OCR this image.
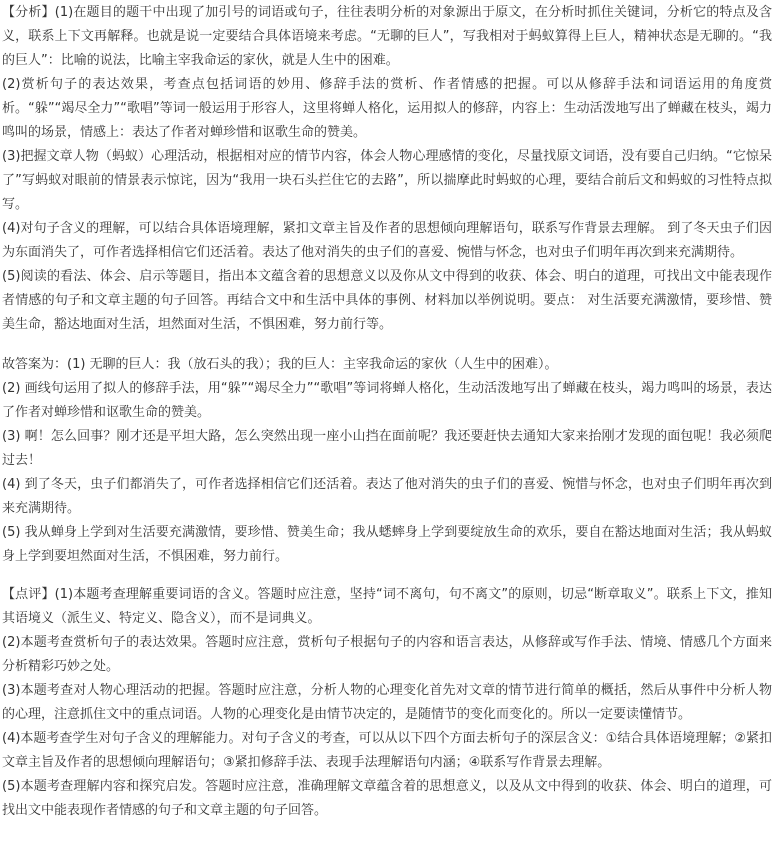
【分析】(1)在题目的题干中出现了加引号的词语或句子，往往表明分析的对象源出于原文，在分析时抓住关键词，分析它的特点及含义，联系上下文再解释。也就是说一定要结合具体语境来考虑。“无聊的巨人”，写我相对于蚂蚁算得上巨人，精神状态是无聊的。“我的巨人”：比喻的说法，比喻主宰我命运的家伙，就是人生中的困难。

(2)赏析句子的表达效果，考查点包括词语的妙用、修辞手法的赏析、作者情感的把握。可以从修辞手法和词语运用的角度赏析。“躲”“竭尽全力”“歌唱”等词一般运用于形容人，这里将蝉人格化，运用拟人的修辞，内容上：生动活泼地写出了蝉藏在枝头，竭力鸣叫的场景，情感上：表达了作者对蝉珍惜和讴歌生命的赞美。

(3)把握文章人物（蚂蚁）心理活动，根据相对应的情节内容，体会人物心理感情的变化，尽量找原文词语，没有要自己归纳。“它惊呆了”写蚂蚁对眼前的情景表示惊诧，因为“我用一块石头拦住它的去路”，所以揣摩此时蚂蚁的心理，要结合前后文和蚂蚁的习性特点拟写。

(4)对句子含义的理解，可以结合具体语境理解，紧扣文章主旨及作者的思想倾向理解语句，联系写作背景去理解。 到了冬天虫子们因为东面消失了，可作者选择相信它们还活着。表达了他对消失的虫子们的喜爱、惋惜与怀念，也对虫子们明年再次到来充满期待。

(5)阅读的看法、体会、启示等题目，指出本文蕴含着的思想意义以及你从文中得到的收获、体会、明白的道理，可找出文中能表现作者情感的句子和文章主题的句子回答。再结合文中和生活中具体的事例、材料加以举例说明。要点： 对生活要充满激情，要珍惜、赞美生命，豁达地面对生活，坦然面对生活，不惧困难，努力前行等。

故答案为：(1) 无聊的巨人：我（放石头的我）；我的巨人：主宰我命运的家伙（人生中的困难）。

(2) 画线句运用了拟人的修辞手法，用“躲”“竭尽全力”“歌唱”等词将蝉人格化，生动活泼地写出了蝉藏在枝头，竭力鸣叫的场景，表达了作者对蝉珍惜和讴歌生命的赞美。

(3) 啊！怎么回事？刚才还是平坦大路，怎么突然出现一座小山挡在面前呢？我还要赶快去通知大家来抬刚才发现的面包呢！我必须爬过去！

(4) 到了冬天，虫子们都消失了，可作者选择相信它们还活着。表达了他对消失的虫子们的喜爱、惋惜与怀念，也对虫子们明年再次到来充满期待。

(5) 我从蝉身上学到对生活要充满激情，要珍惜、赞美生命；我从蟋蟀身上学到要绽放生命的欢乐，要自在豁达地面对生活；我从蚂蚁身上学到要坦然面对生活，不惧困难，努力前行。

【点评】(1)本题考查理解重要词语的含义。答题时应注意，坚持“词不离句，句不离文”的原则，切忌“断章取义”。联系上下文，推知其语境义（派生义、特定义、隐含义），而不是词典义。

(2)本题考查赏析句子的表达效果。答题时应注意，赏析句子根据句子的内容和语言表达，从修辞或写作手法、情境、情感几个方面来分析精彩巧妙之处。

(3)本题考查对人物心理活动的把握。答题时应注意，分析人物的心理变化首先对文章的情节进行简单的概括，然后从事件中分析人物的心理，注意抓住文中的重点词语。人物的心理变化是由情节决定的，是随情节的变化而变化的。所以一定要读懂情节。

(4)本题考查学生对句子含义的理解能力。对句子含义的考查，可以从以下四个方面去析句子的深层含义：①结合具体语境理解；②紧扣文章主旨及作者的思想倾向理解语句；③紧扣修辞手法、表现手法理解语句内涵；④联系写作背景去理解。

(5)本题考查理解内容和探究启发。答题时应注意，准确理解文章蕴含着的思想意义，以及从文中得到的收获、体会、明白的道理，可找出文中能表现作者情感的句子和文章主题的句子回答。
